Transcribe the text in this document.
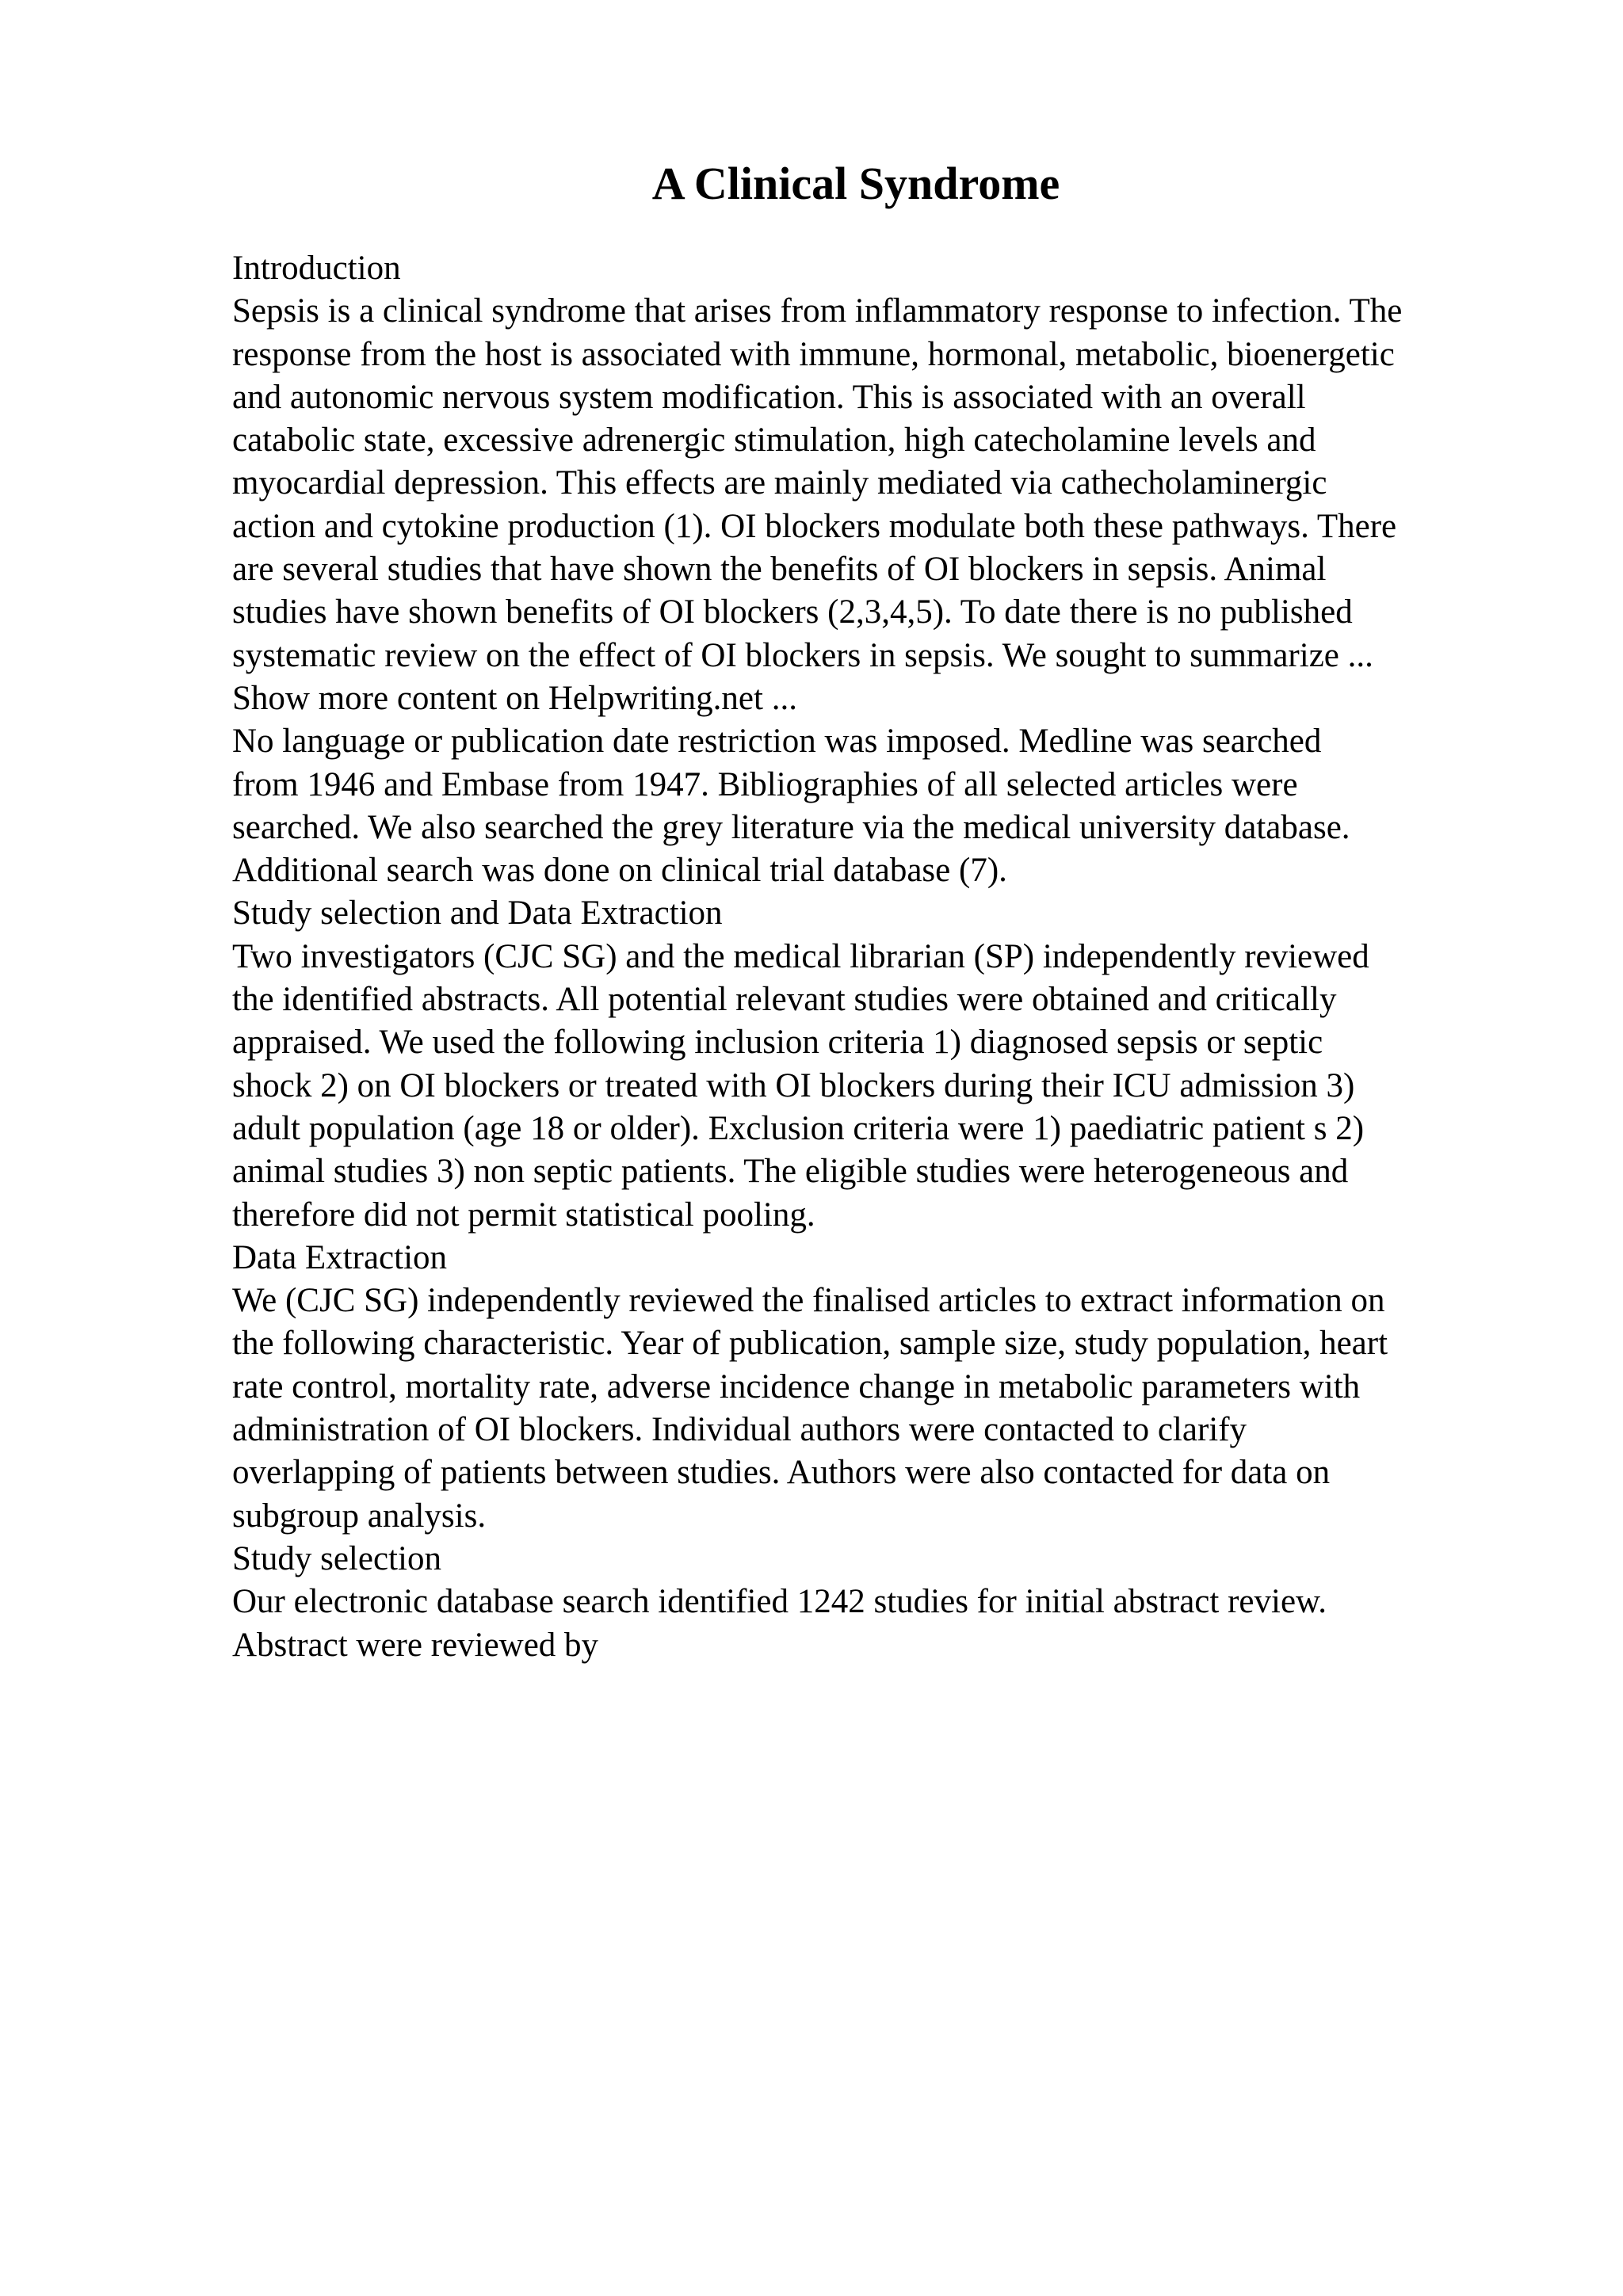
A Clinical Syndrome
Introduction
Sepsis is a clinical syndrome that arises from inflammatory response to infection. The
response from the host is associated with immune, hormonal, metabolic, bioenergetic
and autonomic nervous system modification. This is associated with an overall
catabolic state, excessive adrenergic stimulation, high catecholamine levels and
myocardial depression. This effects are mainly mediated via cathecholaminergic
action and cytokine production (1). OI blockers modulate both these pathways. There
are several studies that have shown the benefits of OI blockers in sepsis. Animal
studies have shown benefits of OI blockers (2,3,4,5). To date there is no published
systematic review on the effect of OI blockers in sepsis. We sought to summarize ...
Show more content on Helpwriting.net ...
No language or publication date restriction was imposed. Medline was searched
from 1946 and Embase from 1947. Bibliographies of all selected articles were
searched. We also searched the grey literature via the medical university database.
Additional search was done on clinical trial database (7).
Study selection and Data Extraction
Two investigators (CJC SG) and the medical librarian (SP) independently reviewed
the identified abstracts. All potential relevant studies were obtained and critically
appraised. We used the following inclusion criteria 1) diagnosed sepsis or septic
shock 2) on OI blockers or treated with OI blockers during their ICU admission 3)
adult population (age 18 or older). Exclusion criteria were 1) paediatric patient s 2)
animal studies 3) non septic patients. The eligible studies were heterogeneous and
therefore did not permit statistical pooling.
Data Extraction
We (CJC SG) independently reviewed the finalised articles to extract information on
the following characteristic. Year of publication, sample size, study population, heart
rate control, mortality rate, adverse incidence change in metabolic parameters with
administration of OI blockers. Individual authors were contacted to clarify
overlapping of patients between studies. Authors were also contacted for data on
subgroup analysis.
Study selection
Our electronic database search identified 1242 studies for initial abstract review.
Abstract were reviewed by
